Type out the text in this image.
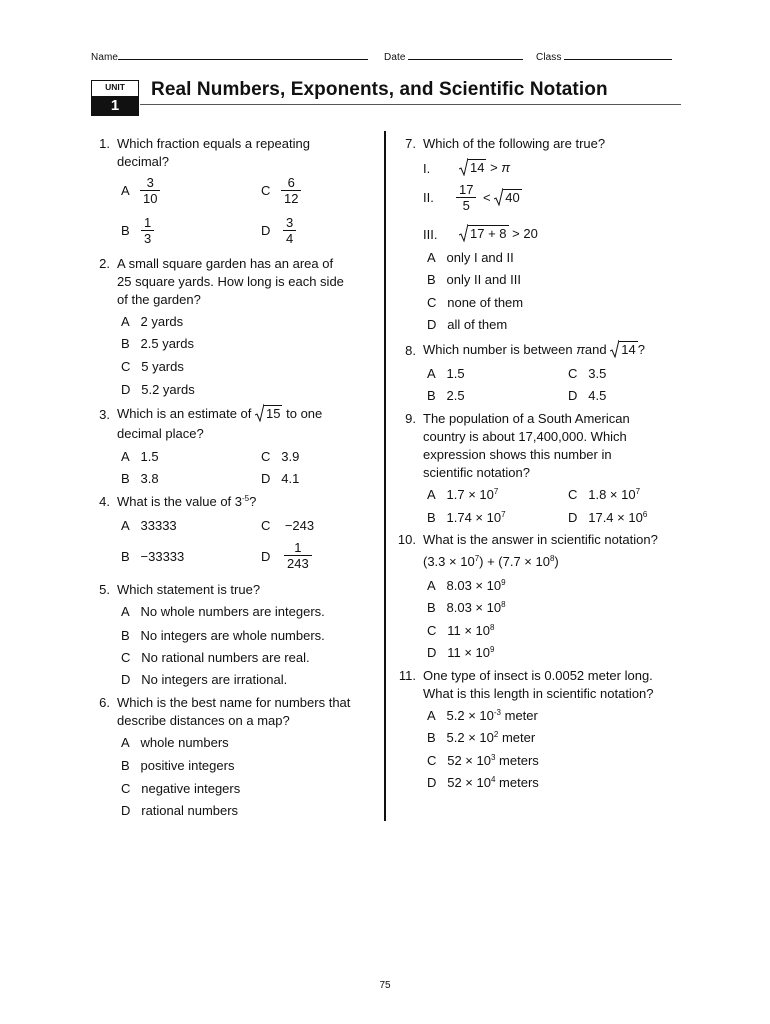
Name	Date	Class
UNIT
1
Real Numbers, Exponents, and Scientific Notation
1. Which fraction equals a repeating
decimal?
A $\frac{3}{10}$	C $\frac{6}{12}$
B $\frac{1}{3}$	D $\frac{3}{4}$
2. A small square garden has an area of
25 square yards. How long is each side
of the garden?
A 2 yards
B 2.5 yards
C 5 yards
D 5.2 yards
3. Which is an estimate of 15 to one
decimal place?
A 1.5	C 3.9
B 3.8	D 4.1
4. What is the value of $3^{-5}$?
A 33333	C −243
B −33333	D $\frac{1}{243}$
5. Which statement is true?
A No whole numbers are integers.
B No integers are whole numbers.
C No rational numbers are real.
D No integers are irrational.
6. Which is the best name for numbers that
describe distances on a map?
A whole numbers
B positive integers
C negative integers
D rational numbers
7. Which of the following are true?
I.	14 > π
II. $\frac{17}{5} < 40$
III.	17 + 8 > 20
A only I and II
B only II and III
C none of them
D all of them
8. Which number is between πand 14 ?
A 1.5	C 3.5
B 2.5	D 4.5
9. The population of a South American
country is about 17,400,000. Which
expression shows this number in
scientific notation?
A $1.7 \times 10^7$	C $1.8 \times 10^7$
B $1.74 \times 10^7$	D $17.4 \times 10^6$
10. What is the answer in scientific notation?
$(3.3 \times 10^7) + (7.7 \times 10^8)$
A $8.03 \times 10^9$
B $8.03 \times 10^8$
C $11 \times 10^8$
D $11 \times 10^9$
11. One type of insect is 0.0052 meter long.
What is this length in scientific notation?
A $5.2 \times 10^{-3}$ meter
B $5.2 \times 10^2$ meter
C $52 \times 10^3$ meters
D $52 \times 10^4$ meters
75
